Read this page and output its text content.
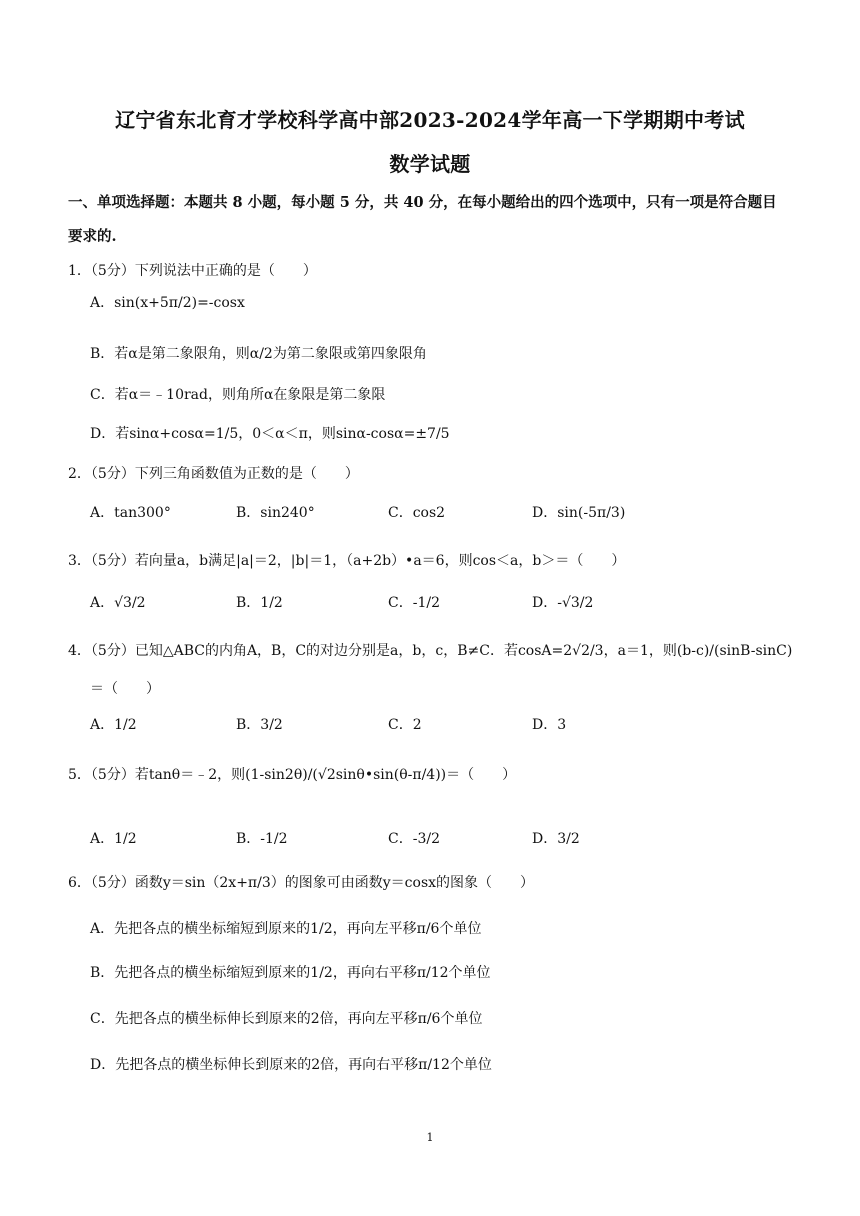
辽宁省东北育才学校科学高中部2023-2024学年高一下学期期中考试
数学试题
一、单项选择题：本题共 8 小题，每小题 5 分，共 40 分，在每小题给出的四个选项中，只有一项是符合题目
要求的.
1．（5分）下列说法中正确的是（　　）
A．sin(x+5π/2)=-cosx
B．若α是第二象限角，则α/2为第二象限或第四象限角
C．若α＝﹣10rad，则角所α在象限是第二象限
D．若sinα+cosα=1/5，0＜α＜π，则sinα-cosα=±7/5
2．（5分）下列三角函数值为正数的是（　　）
A．tan300°	B．sin240°	C．cos2	D．sin(-5π/3)
3．（5分）若向量a，b满足|a|＝2，|b|＝1，（a+2b）•a＝6，则cos＜a，b＞＝（　　）
A．√3/2	B．1/2	C．-1/2	D．-√3/2
4．（5分）已知△ABC的内角A，B，C的对边分别是a，b，c，B≠C．若cosA=2√2/3，a＝1，则(b-c)/(sinB-sinC)
＝（　　）
A．1/2	B．3/2	C．2	D．3
5．（5分）若tanθ＝﹣2，则(1-sin2θ)/(√2sinθ•sin(θ-π/4))＝（　　）
A．1/2	B．-1/2	C．-3/2	D．3/2
6．（5分）函数y＝sin（2x+π/3）的图象可由函数y＝cosx的图象（　　）
A．先把各点的横坐标缩短到原来的1/2，再向左平移π/6个单位
B．先把各点的横坐标缩短到原来的1/2，再向右平移π/12个单位
C．先把各点的横坐标伸长到原来的2倍，再向左平移π/6个单位
D．先把各点的横坐标伸长到原来的2倍，再向右平移π/12个单位
1
